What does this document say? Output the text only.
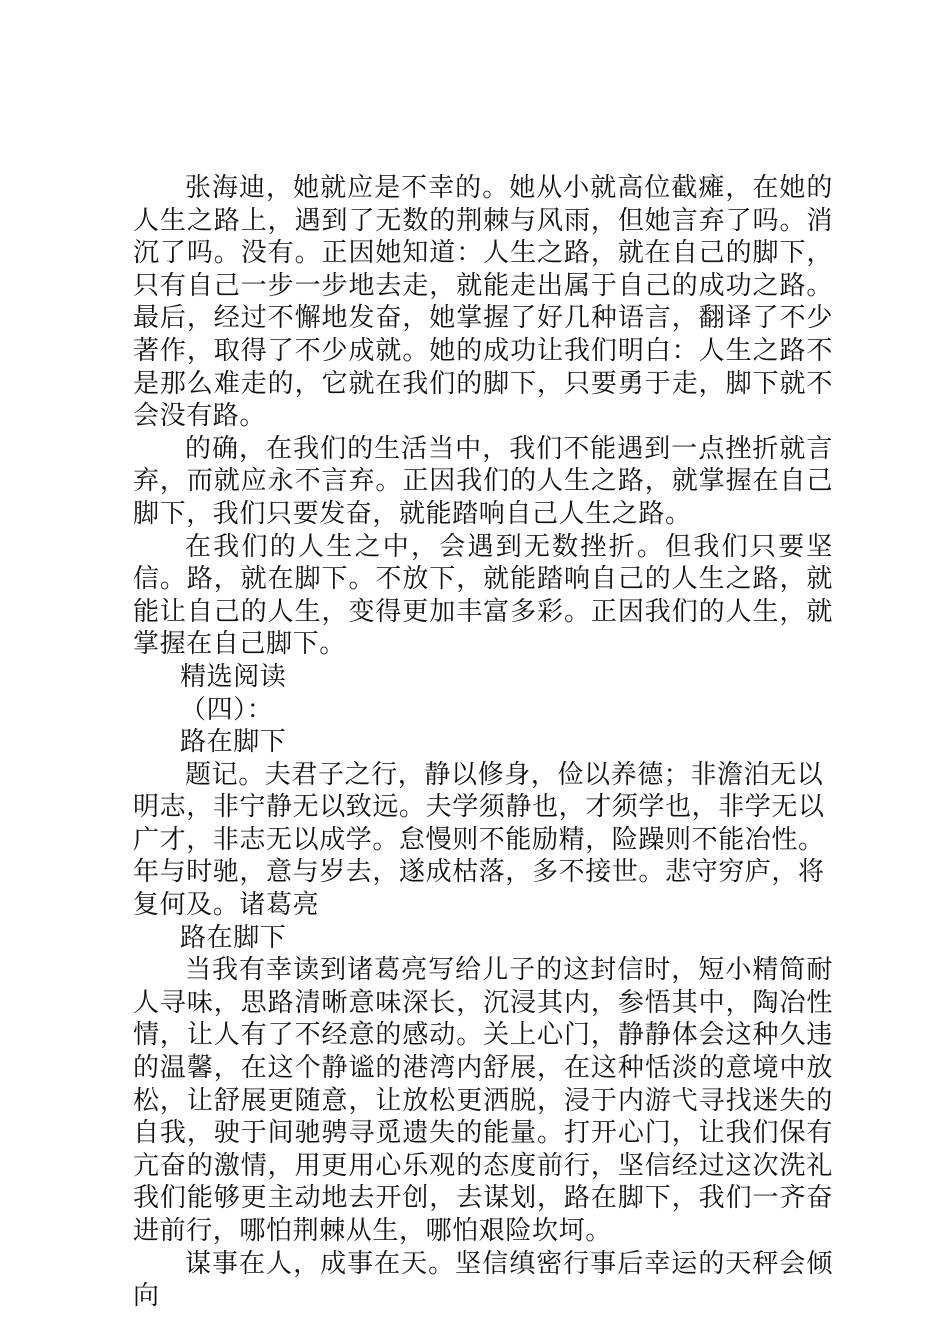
张海迪，她就应是不幸的。她从小就高位截瘫，在她的人生之路上，遇到了无数的荆棘与风雨，但她言弃了吗。消沉了吗。没有。正因她知道：人生之路，就在自己的脚下，只有自己一步一步地去走，就能走出属于自己的成功之路。最后，经过不懈地发奋，她掌握了好几种语言，翻译了不少著作，取得了不少成就。她的成功让我们明白：人生之路不是那么难走的，它就在我们的脚下，只要勇于走，脚下就不会没有路。

的确，在我们的生活当中，我们不能遇到一点挫折就言弃，而就应永不言弃。正因我们的人生之路，就掌握在自己脚下，我们只要发奋，就能踏响自己人生之路。

在我们的人生之中，会遇到无数挫折。但我们只要坚信。路，就在脚下。不放下，就能踏响自己的人生之路，就能让自己的人生，变得更加丰富多彩。正因我们的人生，就掌握在自己脚下。

精选阅读

（四）：

路在脚下

题记。夫君子之行，静以修身，俭以养德；非澹泊无以明志，非宁静无以致远。夫学须静也，才须学也，非学无以广才，非志无以成学。怠慢则不能励精，险躁则不能冶性。年与时驰，意与岁去，遂成枯落，多不接世。悲守穷庐，将复何及。诸葛亮

路在脚下

当我有幸读到诸葛亮写给儿子的这封信时，短小精简耐人寻味，思路清晰意味深长，沉浸其内，参悟其中，陶冶性情，让人有了不经意的感动。关上心门，静静体会这种久违的温馨，在这个静谧的港湾内舒展，在这种恬淡的意境中放松，让舒展更随意，让放松更洒脱，浸于内游弋寻找迷失的自我，驶于间驰骋寻觅遗失的能量。打开心门，让我们保有亢奋的激情，用更用心乐观的态度前行，坚信经过这次洗礼我们能够更主动地去开创，去谋划，路在脚下，我们一齐奋进前行，哪怕荆棘从生，哪怕艰险坎坷。

谋事在人，成事在天。坚信缜密行事后幸运的天秤会倾向
